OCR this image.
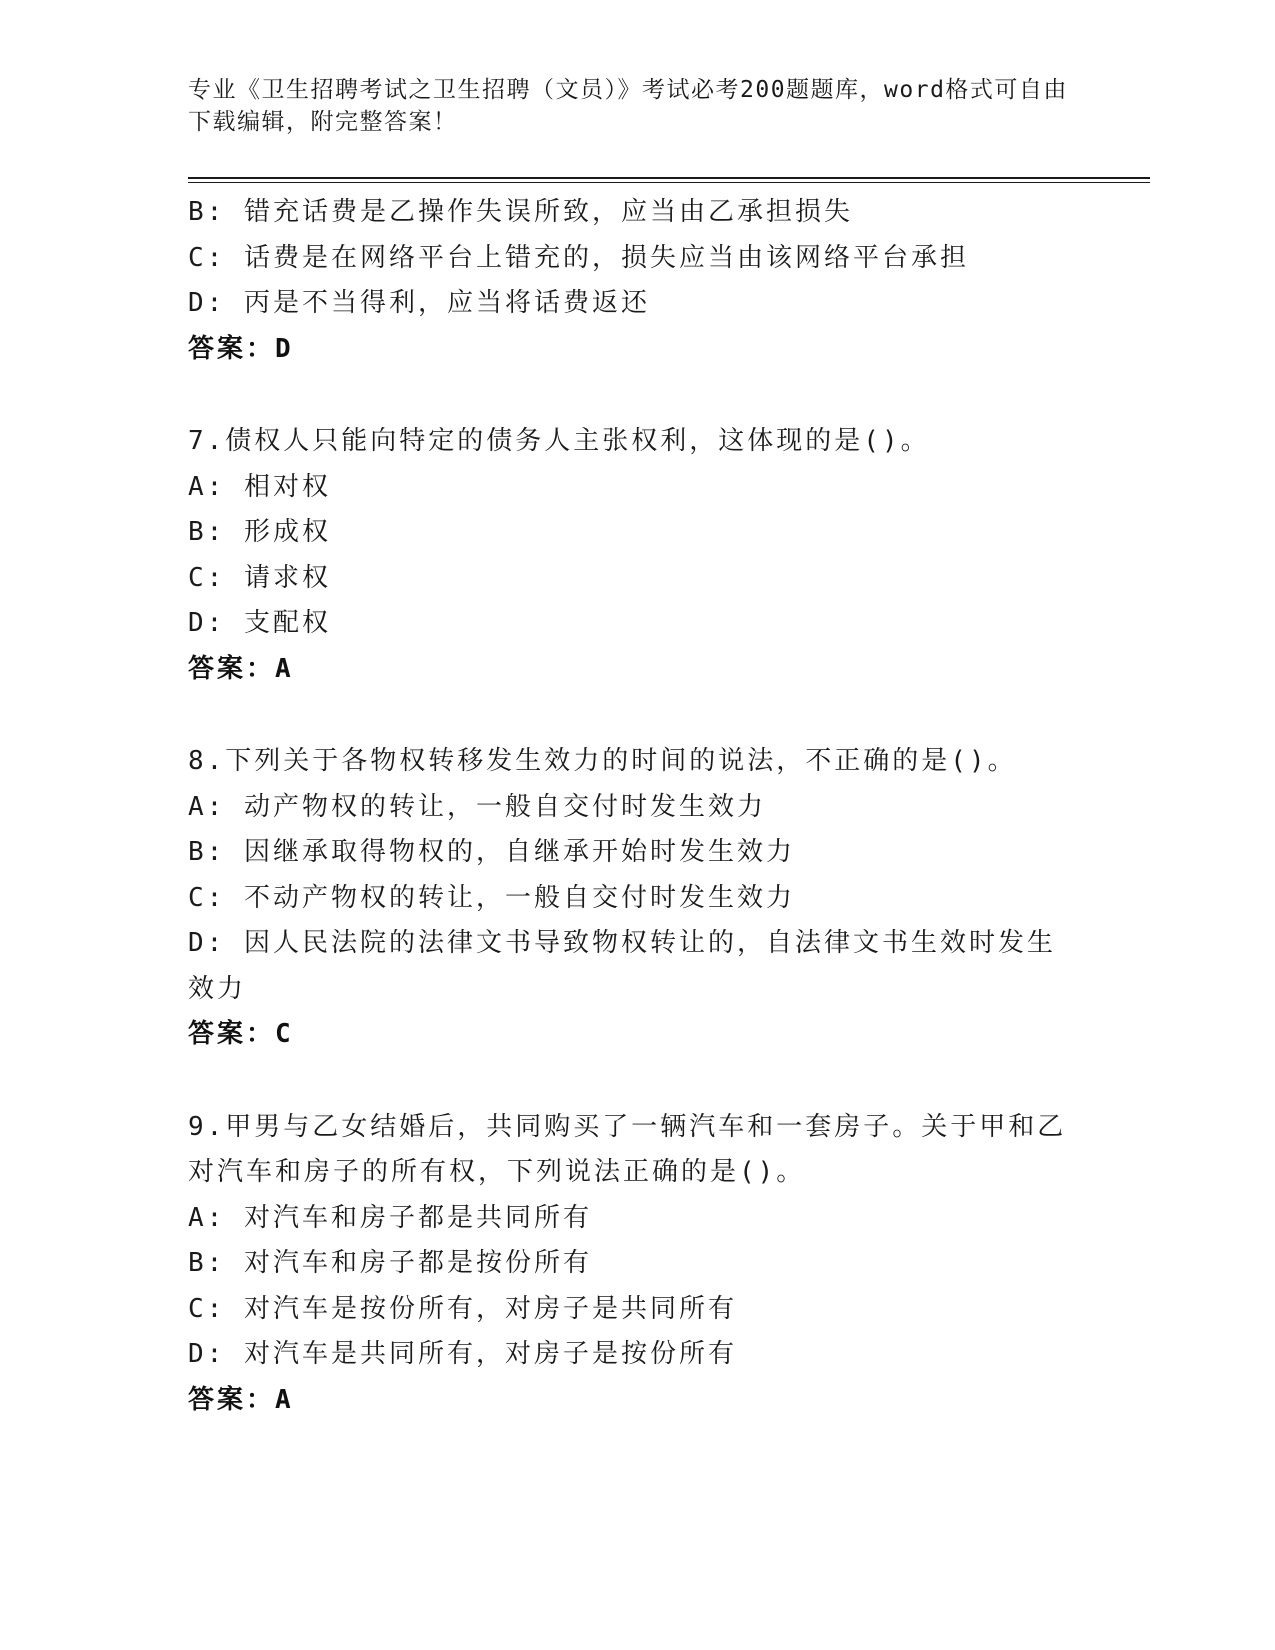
专业《卫生招聘考试之卫生招聘（文员）》考试必考200题题库，word格式可自由下载编辑，附完整答案！
B: 错充话费是乙操作失误所致，应当由乙承担损失
C: 话费是在网络平台上错充的，损失应当由该网络平台承担
D: 丙是不当得利，应当将话费返还
答案：D
7.债权人只能向特定的债务人主张权利，这体现的是()。
A: 相对权
B: 形成权
C: 请求权
D: 支配权
答案：A
8.下列关于各物权转移发生效力的时间的说法，不正确的是()。
A: 动产物权的转让，一般自交付时发生效力
B: 因继承取得物权的，自继承开始时发生效力
C: 不动产物权的转让，一般自交付时发生效力
D: 因人民法院的法律文书导致物权转让的，自法律文书生效时发生效力
答案：C
9.甲男与乙女结婚后，共同购买了一辆汽车和一套房子。关于甲和乙对汽车和房子的所有权，下列说法正确的是()。
A: 对汽车和房子都是共同所有
B: 对汽车和房子都是按份所有
C: 对汽车是按份所有，对房子是共同所有
D: 对汽车是共同所有，对房子是按份所有
答案：A
